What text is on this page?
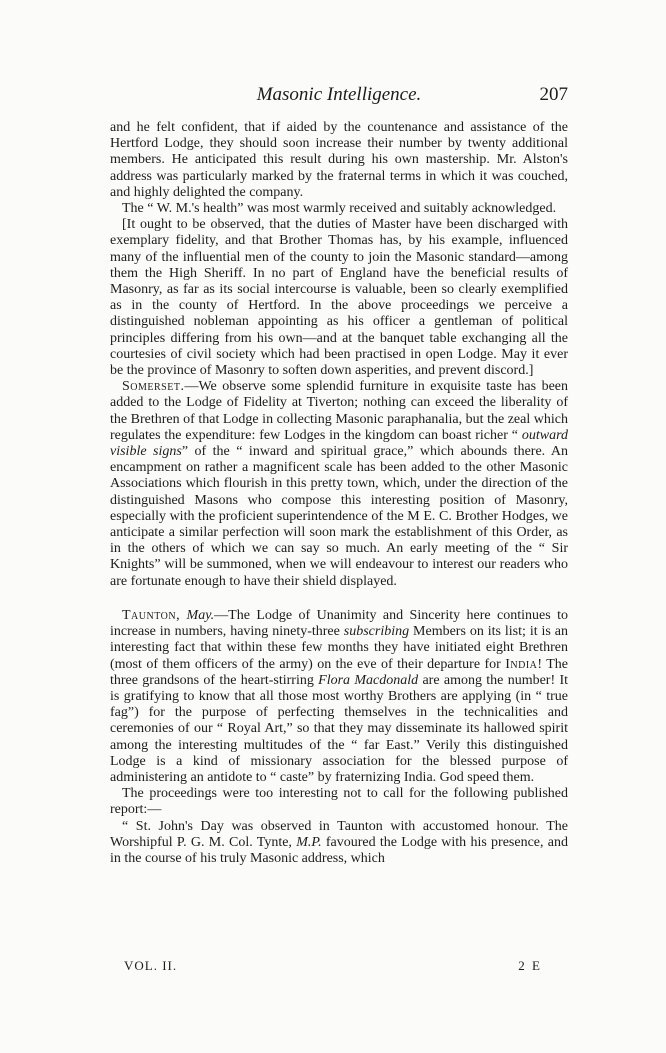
Masonic Intelligence.	207

and he felt confident, that if aided by the countenance and assistance of the Hertford Lodge, they should soon increase their number by twenty additional members. He anticipated this result during his own mastership. Mr. Alston's address was particularly marked by the fraternal terms in which it was couched, and highly delighted the company.

The “ W. M.'s health” was most warmly received and suitably acknowledged.

[It ought to be observed, that the duties of Master have been discharged with exemplary fidelity, and that Brother Thomas has, by his example, influenced many of the influential men of the county to join the Masonic standard—among them the High Sheriff. In no part of England have the beneficial results of Masonry, as far as its social intercourse is valuable, been so clearly exemplified as in the county of Hertford. In the above proceedings we perceive a distinguished nobleman appointing as his officer a gentleman of political principles differing from his own—and at the banquet table exchanging all the courtesies of civil society which had been practised in open Lodge. May it ever be the province of Masonry to soften down asperities, and prevent discord.]

Somerset.—We observe some splendid furniture in exquisite taste has been added to the Lodge of Fidelity at Tiverton; nothing can exceed the liberality of the Brethren of that Lodge in collecting Masonic paraphanalia, but the zeal which regulates the expenditure: few Lodges in the kingdom can boast richer “ outward visible signs” of the “ inward and spiritual grace,” which abounds there. An encampment on rather a magnificent scale has been added to the other Masonic Associations which flourish in this pretty town, which, under the direction of the distinguished Masons who compose this interesting position of Masonry, especially with the proficient superintendence of the M E. C. Brother Hodges, we anticipate a similar perfection will soon mark the establishment of this Order, as in the others of which we can say so much. An early meeting of the “ Sir Knights” will be summoned, when we will endeavour to interest our readers who are fortunate enough to have their shield displayed.

Taunton, May.—The Lodge of Unanimity and Sincerity here continues to increase in numbers, having ninety-three subscribing Members on its list; it is an interesting fact that within these few months they have initiated eight Brethren (most of them officers of the army) on the eve of their departure for India! The three grandsons of the heart-stirring Flora Macdonald are among the number! It is gratifying to know that all those most worthy Brothers are applying (in “ true fag”) for the purpose of perfecting themselves in the technicalities and ceremonies of our “ Royal Art,” so that they may disseminate its hallowed spirit among the interesting multitudes of the “ far East.” Verily this distinguished Lodge is a kind of missionary association for the blessed purpose of administering an antidote to “ caste” by fraternizing India. God speed them.

The proceedings were too interesting not to call for the following published report:—

“ St. John's Day was observed in Taunton with accustomed honour. The Worshipful P. G. M. Col. Tynte, M.P. favoured the Lodge with his presence, and in the course of his truly Masonic address, which

VOL. II.	2 E
